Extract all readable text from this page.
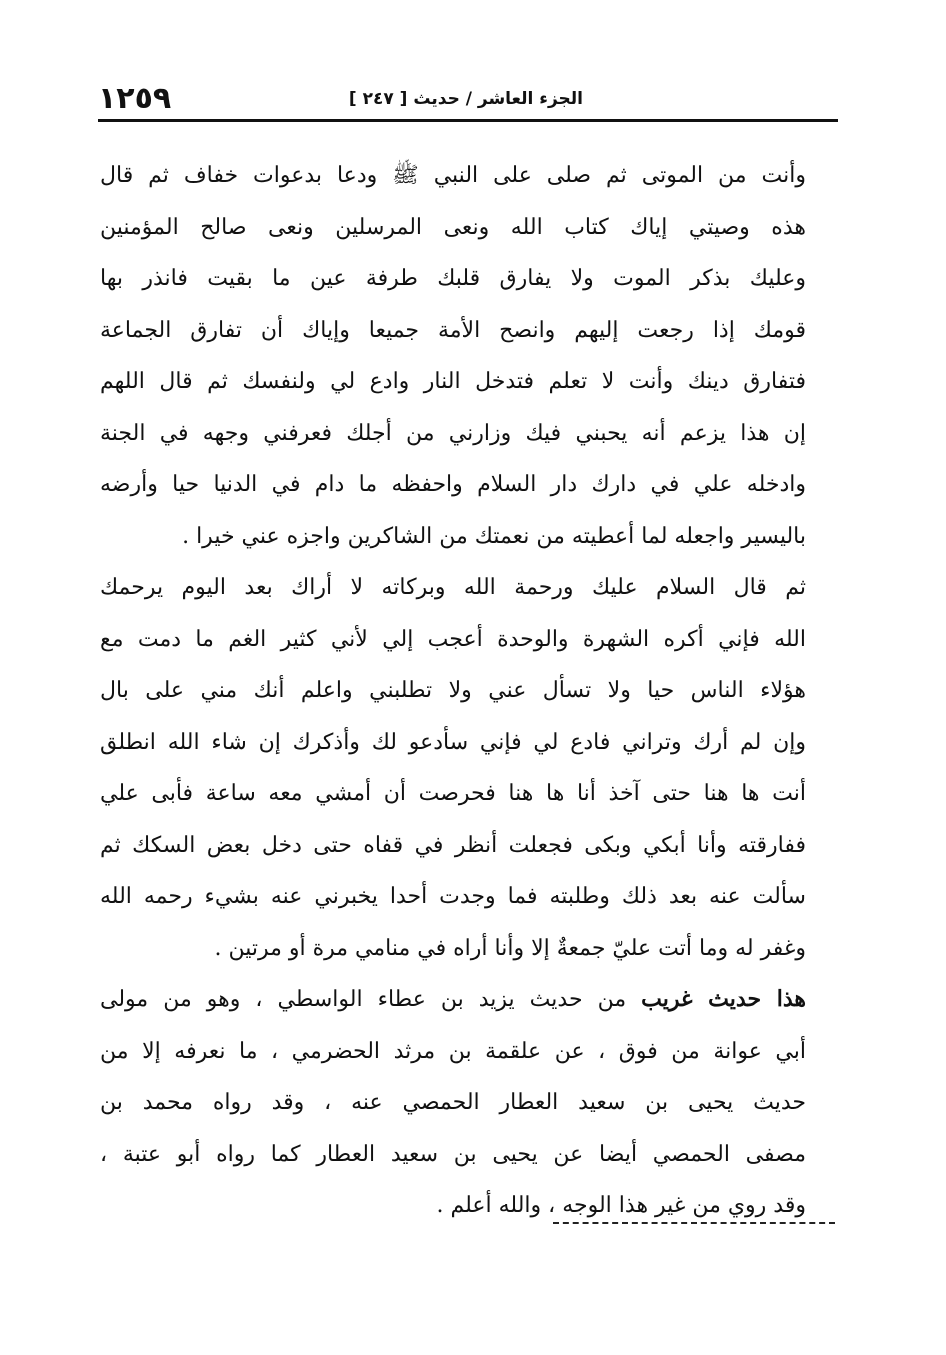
١٢٥٩	الجزء العاشر / حديث [ ٢٤٧ ]
وأنت من الموتى ثم صلى على النبي ﷺ ودعا بدعوات خفاف ثم قال
هذه وصيتي إياك كتاب الله ونعى المرسلين ونعى صالح المؤمنين
وعليك بذكر الموت ولا يفارق قلبك طرفة عين ما بقيت فانذر بها
قومك إذا رجعت إليهم وانصح الأمة جميعا وإياك أن تفارق الجماعة
فتفارق دينك وأنت لا تعلم فتدخل النار وادع لي ولنفسك ثم قال اللهم
إن هذا يزعم أنه يحبني فيك وزارني من أجلك فعرفني وجهه في الجنة
وادخله علي في دارك دار السلام واحفظه ما دام في الدنيا حيا وأرضه
باليسير واجعله لما أعطيته من نعمتك من الشاكرين واجزه عني خيرا .
ثم قال السلام عليك ورحمة الله وبركاته لا أراك بعد اليوم يرحمك
الله فإني أكره الشهرة والوحدة أعجب إلي لأني كثير الغم ما دمت مع
هؤلاء الناس حيا ولا تسأل عني ولا تطلبني واعلم أنك مني على بال
وإن لم أرك وتراني فادع لي فإني سأدعو لك وأذكرك إن شاء الله انطلق
أنت ها هنا حتى آخذ أنا ها هنا فحرصت أن أمشي معه ساعة فأبى علي
ففارقته وأنا أبكي وبكى فجعلت أنظر في قفاه حتى دخل بعض السكك ثم
سألت عنه بعد ذلك وطلبته فما وجدت أحدا يخبرني عنه بشيء رحمه الله
وغفر له وما أتت عليّ جمعةٌ إلا وأنا أراه في منامي مرة أو مرتين .
هذا حديث غريب من حديث يزيد بن عطاء الواسطي ، وهو من مولى
أبي عوانة من فوق ، عن علقمة بن مرثد الحضرمي ، ما نعرفه إلا من
حديث يحيى بن سعيد العطار الحمصي عنه ، وقد رواه محمد بن
مصفى الحمصي أيضا عن يحيى بن سعيد العطار كما رواه أبو عتبة ،
وقد روي من غير هذا الوجه ، والله أعلم .
